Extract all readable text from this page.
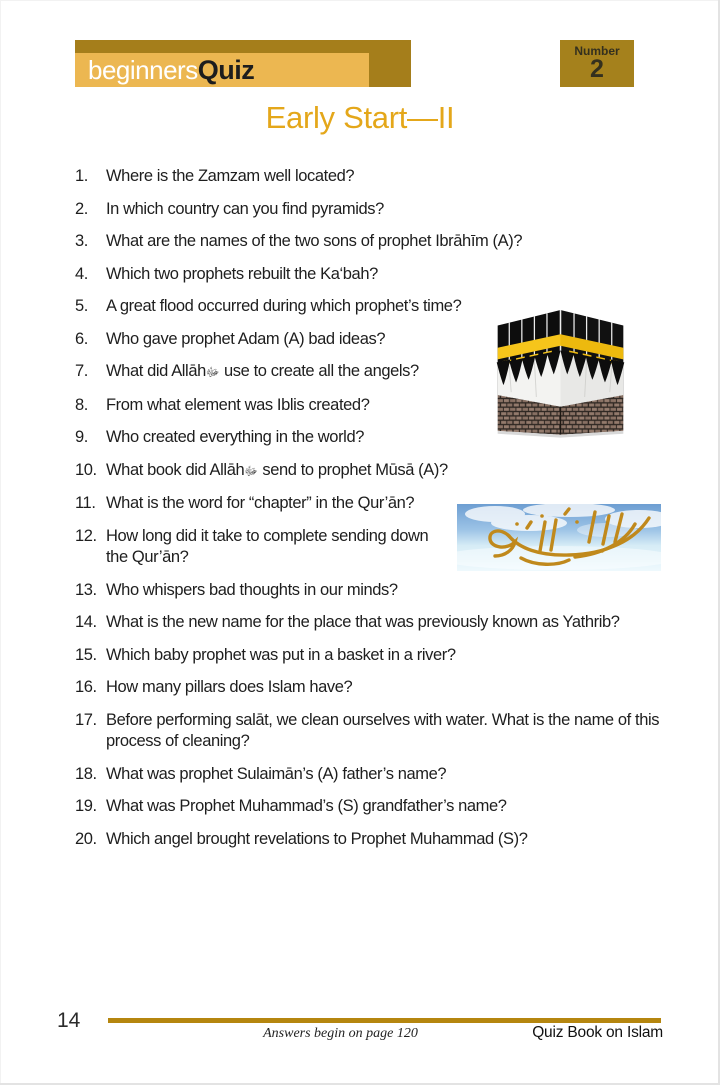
beginnersQuiz
Number
2
Early Start—II
1. Where is the Zamzam well located?
2. In which country can you find pyramids?
3. What are the names of the two sons of prophet Ibrāhīm (A)?
4. Which two prophets rebuilt the Ka‘bah?
5. A great flood occurred during which prophet’s time?
6. Who gave prophet Adam (A) bad ideas?
7. What did Allāhﷻ use to create all the angels?
8. From what element was Iblis created?
9. Who created everything in the world?
10. What book did Allāhﷻ send to prophet Mūsā (A)?
11. What is the word for “chapter” in the Qur’ān?
12. How long did it take to complete sending down the Qur’ān?
13. Who whispers bad thoughts in our minds?
14. What is the new name for the place that was previously known as Yathrib?
15. Which baby prophet was put in a basket in a river?
16. How many pillars does Islam have?
17. Before performing salāt, we clean ourselves with water. What is the name of this process of cleaning?
18. What was prophet Sulaimān’s (A) father’s name?
19. What was Prophet Muhammad’s (S) grandfather’s name?
20. Which angel brought revelations to Prophet Muhammad (S)?
14
Answers begin on page 120	Quiz Book on Islam
